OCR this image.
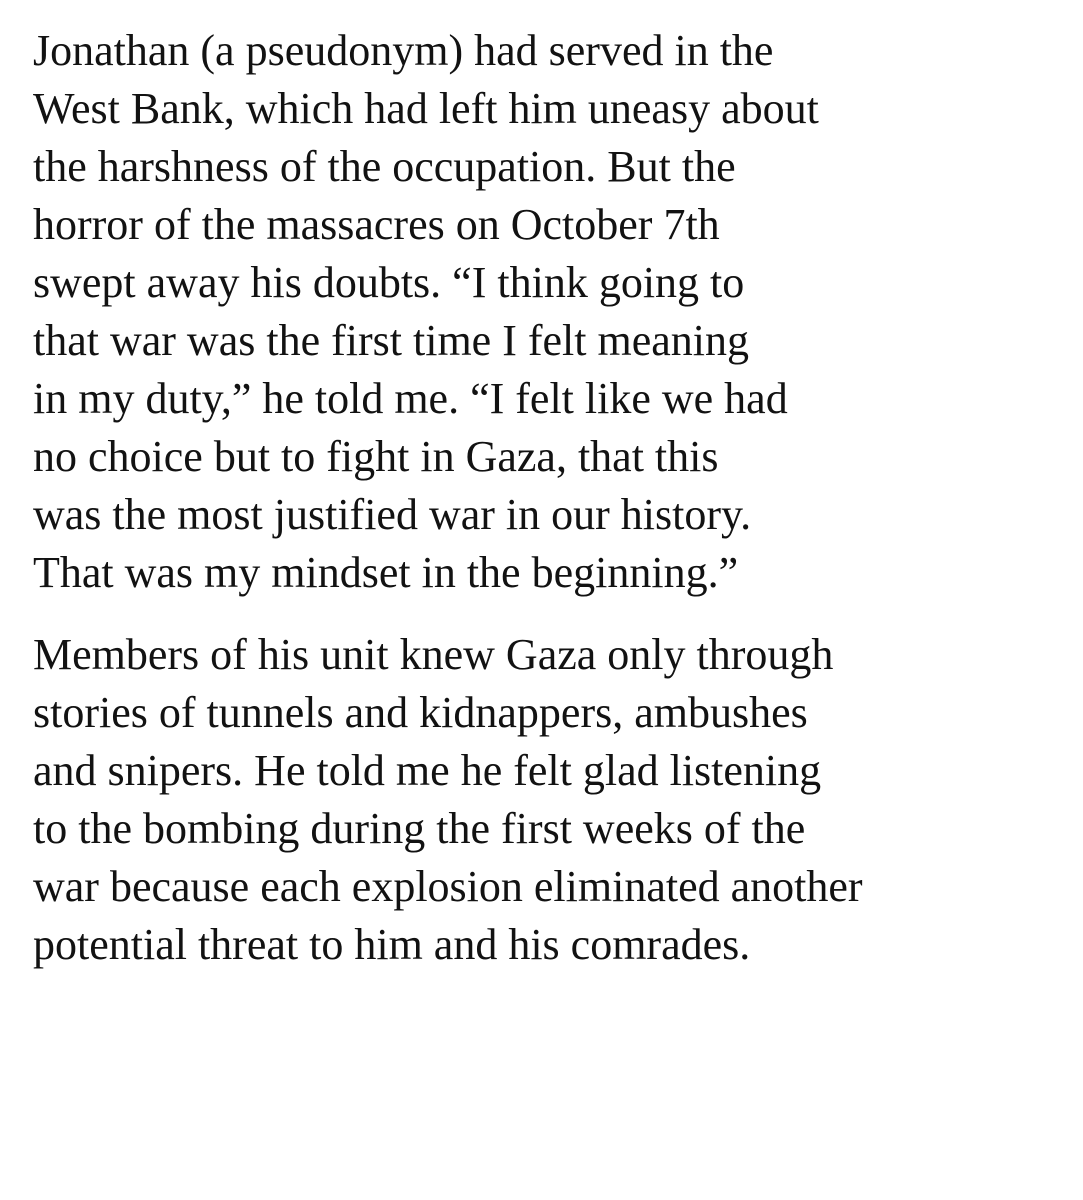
Jonathan (a pseudonym) had served in the
West Bank, which had left him uneasy about
the harshness of the occupation. But the
horror of the massacres on October 7th
swept away his doubts. “I think going to
that war was the first time I felt meaning
in my duty,” he told me. “I felt like we had
no choice but to fight in Gaza, that this
was the most justified war in our history.
That was my mindset in the beginning.”

Members of his unit knew Gaza only through
stories of tunnels and kidnappers, ambushes
and snipers. He told me he felt glad listening
to the bombing during the first weeks of the
war because each explosion eliminated another
potential threat to him and his comrades.
